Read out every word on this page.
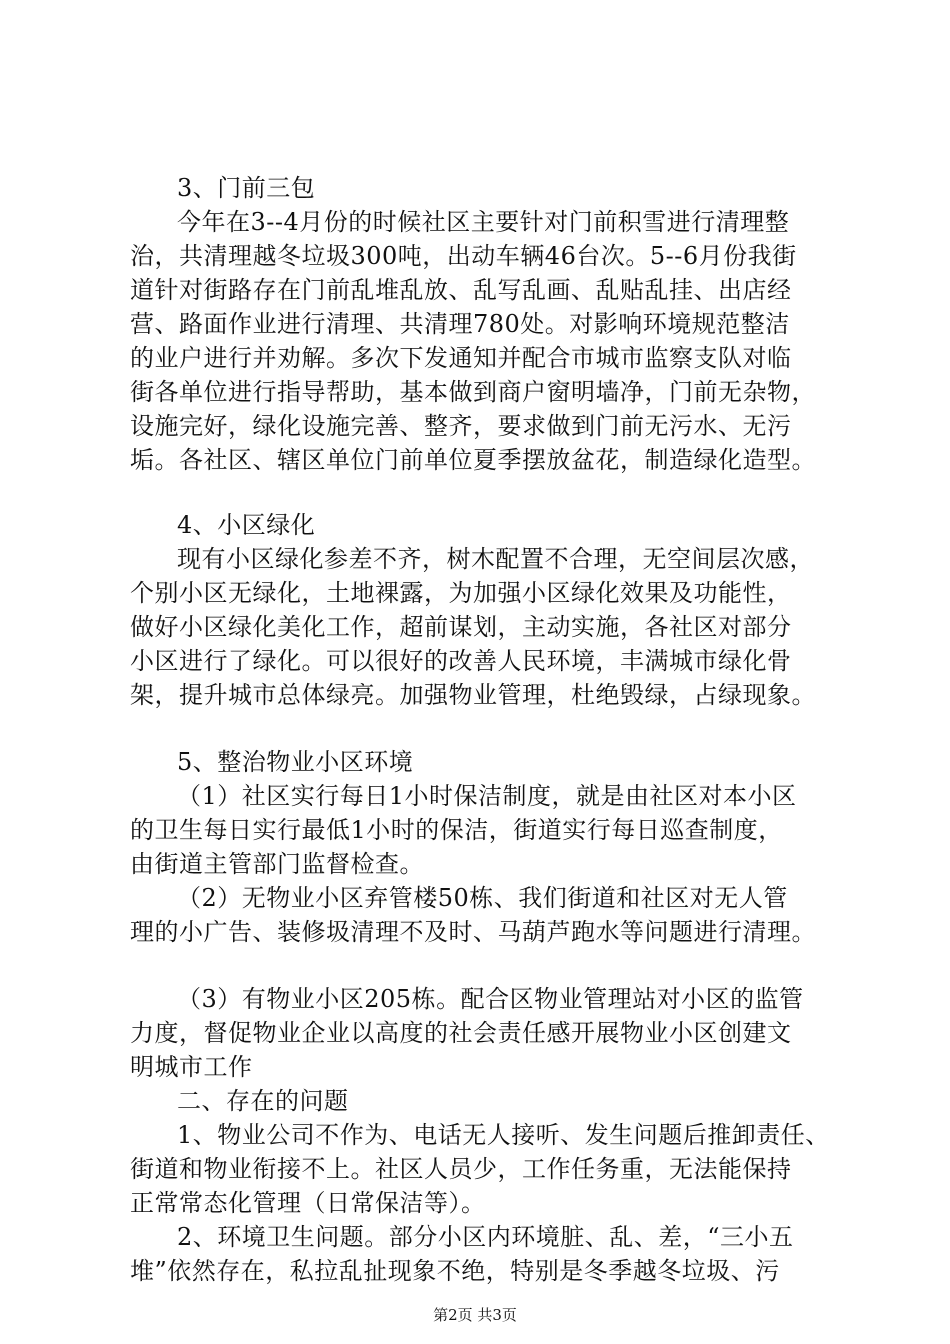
3、门前三包
今年在3--4月份的时候社区主要针对门前积雪进行清理整
治，共清理越冬垃圾300吨，出动车辆46台次。5--6月份我街
道针对街路存在门前乱堆乱放、乱写乱画、乱贴乱挂、出店经
营、路面作业进行清理、共清理780处。对影响环境规范整洁
的业户进行并劝解。多次下发通知并配合市城市监察支队对临
街各单位进行指导帮助，基本做到商户窗明墙净，门前无杂物，
设施完好，绿化设施完善、整齐，要求做到门前无污水、无污
垢。各社区、辖区单位门前单位夏季摆放盆花，制造绿化造型。
4、小区绿化
现有小区绿化参差不齐，树木配置不合理，无空间层次感，
个别小区无绿化，土地裸露，为加强小区绿化效果及功能性，
做好小区绿化美化工作，超前谋划，主动实施，各社区对部分
小区进行了绿化。可以很好的改善人民环境，丰满城市绿化骨
架，提升城市总体绿亮。加强物业管理，杜绝毁绿，占绿现象。
5、整治物业小区环境
（1）社区实行每日1小时保洁制度，就是由社区对本小区
的卫生每日实行最低1小时的保洁，街道实行每日巡查制度，
由街道主管部门监督检查。
（2）无物业小区弃管楼50栋、我们街道和社区对无人管
理的小广告、装修圾清理不及时、马葫芦跑水等问题进行清理。
（3）有物业小区205栋。配合区物业管理站对小区的监管
力度，督促物业企业以高度的社会责任感开展物业小区创建文
明城市工作
二、存在的问题
1、物业公司不作为、电话无人接听、发生问题后推卸责任、
街道和物业衔接不上。社区人员少，工作任务重，无法能保持
正常常态化管理（日常保洁等）。
2、环境卫生问题。部分小区内环境脏、乱、差，“三小五
堆”依然存在，私拉乱扯现象不绝，特别是冬季越冬垃圾、污
第2页 共3页
